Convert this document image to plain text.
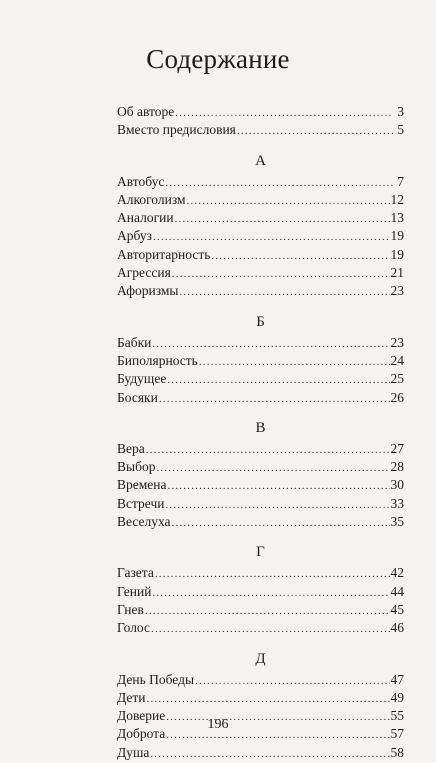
Содержание
Об авторе .....	3
Вместо предисловия .....	5
А
Автобус .....	7
Алкоголизм .....	12
Аналогии .....	13
Арбуз .....	19
Авторитарность .....	19
Агрессия .....	21
Афоризмы .....	23
Б
Бабки .....	23
Биполярность .....	24
Будущее .....	25
Босяки .....	26
В
Вера .....	27
Выбор .....	28
Времена .....	30
Встречи .....	33
Веселуха .....	35
Г
Газета .....	42
Гений .....	44
Гнев .....	45
Голос .....	46
Д
День Победы .....	47
Дети .....	49
Доверие .....	55
Доброта .....	57
Душа .....	58
196
